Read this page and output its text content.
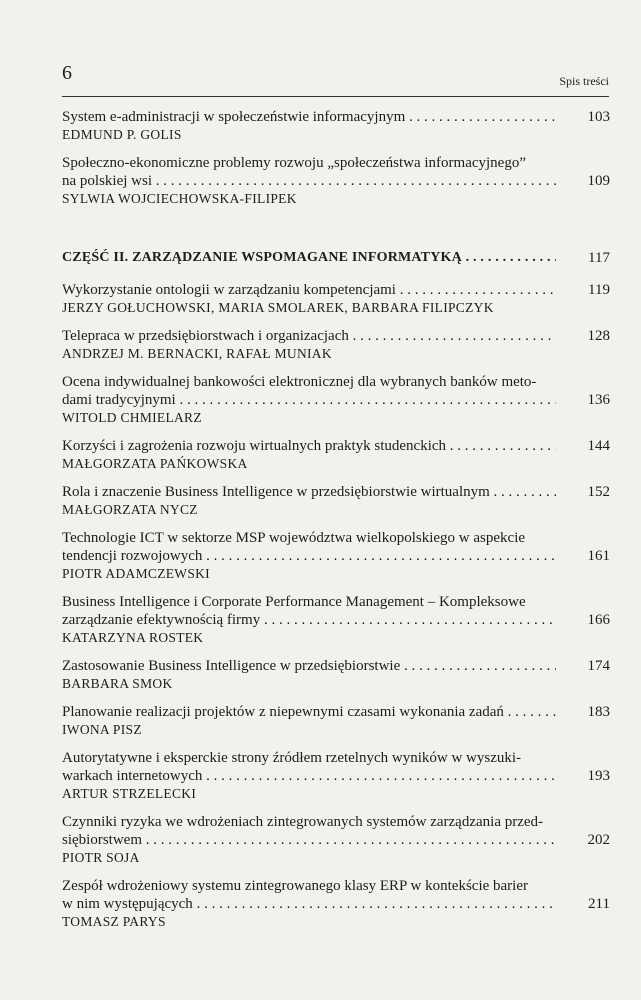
6	Spis treści
System e-administracji w społeczeństwie informacyjnym . . .	103
EDMUND P. GOLIS
Społeczno-ekonomiczne problemy rozwoju „społeczeństwa informacyjnego”
na polskiej wsi . . .	109
SYLWIA WOJCIECHOWSKA-FILIPEK
CZĘŚĆ II. ZARZĄDZANIE WSPOMAGANE INFORMATYKĄ . . .	117
Wykorzystanie ontologii w zarządzaniu kompetencjami . . .	119
JERZY GOŁUCHOWSKI, MARIA SMOLAREK, BARBARA FILIPCZYK
Telepraca w przedsiębiorstwach i organizacjach . . .	128
ANDRZEJ M. BERNACKI, RAFAŁ MUNIAK
Ocena indywidualnej bankowości elektronicznej dla wybranych banków meto-
dami tradycyjnymi . . .	136
WITOLD CHMIELARZ
Korzyści i zagrożenia rozwoju wirtualnych praktyk studenckich . . .	144
MAŁGORZATA PAŃKOWSKA
Rola i znaczenie Business Intelligence w przedsiębiorstwie wirtualnym . . .	152
MAŁGORZATA NYCZ
Technologie ICT w sektorze MSP województwa wielkopolskiego w aspekcie
tendencji rozwojowych . . .	161
PIOTR ADAMCZEWSKI
Business Intelligence i Corporate Performance Management – Kompleksowe
zarządzanie efektywnością firmy . . .	166
KATARZYNA ROSTEK
Zastosowanie Business Intelligence w przedsiębiorstwie . . .	174
BARBARA SMOK
Planowanie realizacji projektów z niepewnymi czasami wykonania zadań . . .	183
IWONA PISZ
Autorytatywne i eksperckie strony źródłem rzetelnych wyników w wyszuki-
warkach internetowych . . .	193
ARTUR STRZELECKI
Czynniki ryzyka we wdrożeniach zintegrowanych systemów zarządzania przed-
siębiorstwem . . .	202
PIOTR SOJA
Zespół wdrożeniowy systemu zintegrowanego klasy ERP w kontekście barier
w nim występujących . . .	211
TOMASZ PARYS
